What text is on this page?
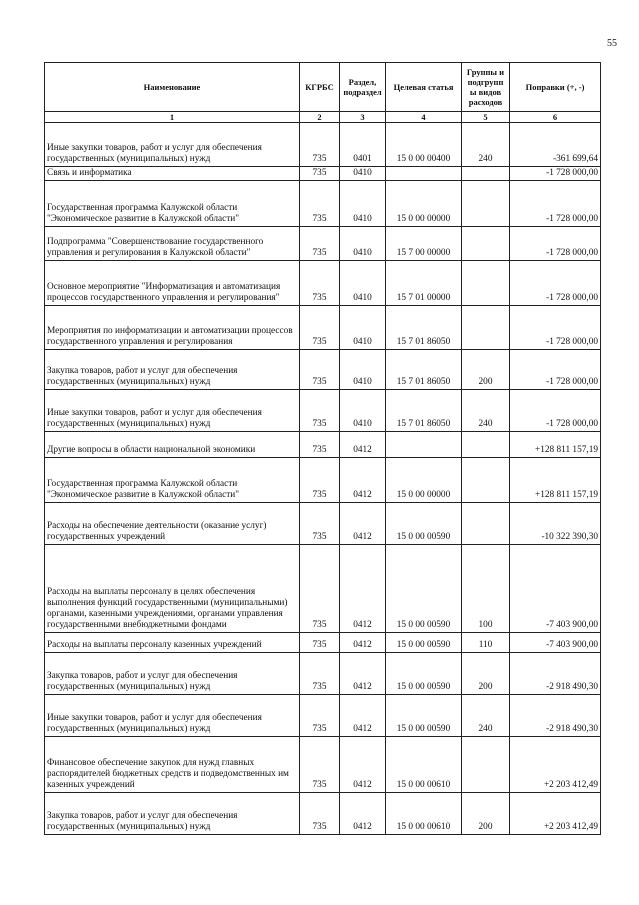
55
Наименование	КГРБС	Раздел, подраздел	Целевая статья	Группы и подгрупп ы видов расходов	Поправки (+, -)
1	2	3	4	5	6
Иные закупки товаров, работ и услуг для обеспечения государственных (муниципальных) нужд	735	0401	15 0 00 00400	240	-361 699,64
Связь и информатика	735	0410			-1 728 000,00
Государственная программа Калужской области "Экономическое развитие в Калужской области"	735	0410	15 0 00 00000		-1 728 000,00
Подпрограмма "Совершенствование государственного управления и регулирования в Калужской области"	735	0410	15 7 00 00000		-1 728 000,00
Основное мероприятие "Информатизация и автоматизация процессов государственного управления и регулирования"	735	0410	15 7 01 00000		-1 728 000,00
Мероприятия по информатизации и автоматизации процессов государственного управления и регулирования	735	0410	15 7 01 86050		-1 728 000,00
Закупка товаров, работ и услуг для обеспечения государственных (муниципальных) нужд	735	0410	15 7 01 86050	200	-1 728 000,00
Иные закупки товаров, работ и услуг для обеспечения государственных (муниципальных) нужд	735	0410	15 7 01 86050	240	-1 728 000,00
Другие вопросы в области национальной экономики	735	0412			+128 811 157,19
Государственная программа Калужской области "Экономическое развитие в Калужской области"	735	0412	15 0 00 00000		+128 811 157,19
Расходы на обеспечение деятельности (оказание услуг) государственных учреждений	735	0412	15 0 00 00590		-10 322 390,30
Расходы на выплаты персоналу в целях обеспечения выполнения функций государственными (муниципальными) органами, казенными учреждениями, органами управления государственными внебюджетными фондами	735	0412	15 0 00 00590	100	-7 403 900,00
Расходы на выплаты персоналу казенных учреждений	735	0412	15 0 00 00590	110	-7 403 900,00
Закупка товаров, работ и услуг для обеспечения государственных (муниципальных) нужд	735	0412	15 0 00 00590	200	-2 918 490,30
Иные закупки товаров, работ и услуг для обеспечения государственных (муниципальных) нужд	735	0412	15 0 00 00590	240	-2 918 490,30
Финансовое обеспечение закупок для нужд главных распорядителей бюджетных средств и подведомственных им казенных учреждений	735	0412	15 0 00 00610		+2 203 412,49
Закупка товаров, работ и услуг для обеспечения государственных (муниципальных) нужд	735	0412	15 0 00 00610	200	+2 203 412,49
